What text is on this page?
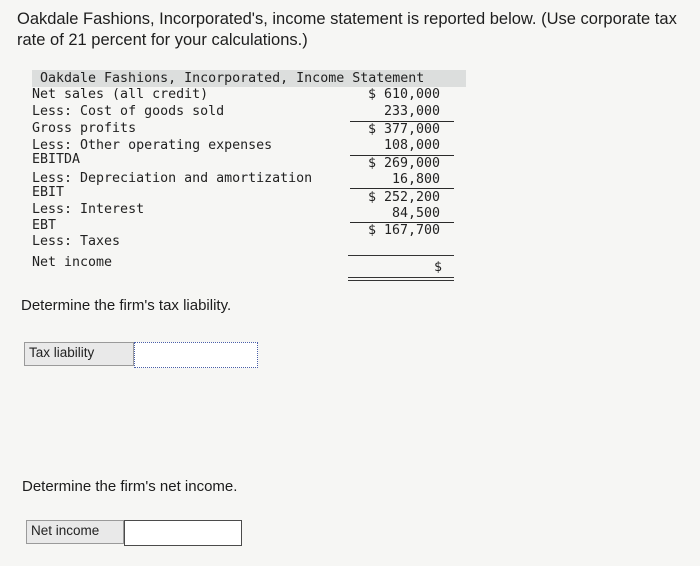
Oakdale Fashions, Incorporated's, income statement is reported below. (Use corporate tax rate of 21 percent for your calculations.)
Oakdale Fashions, Incorporated, Income Statement
Net sales (all credit)	$ 610,000
Less: Cost of goods sold	233,000
Gross profits	$ 377,000
Less: Other operating expenses	108,000
EBITDA	$ 269,000
Less: Depreciation and amortization	16,800
EBIT	$ 252,200
Less: Interest	84,500
EBT	$ 167,700
Less: Taxes
Net income	$
Determine the firm's tax liability.
Tax liability
Determine the firm's net income.
Net income
